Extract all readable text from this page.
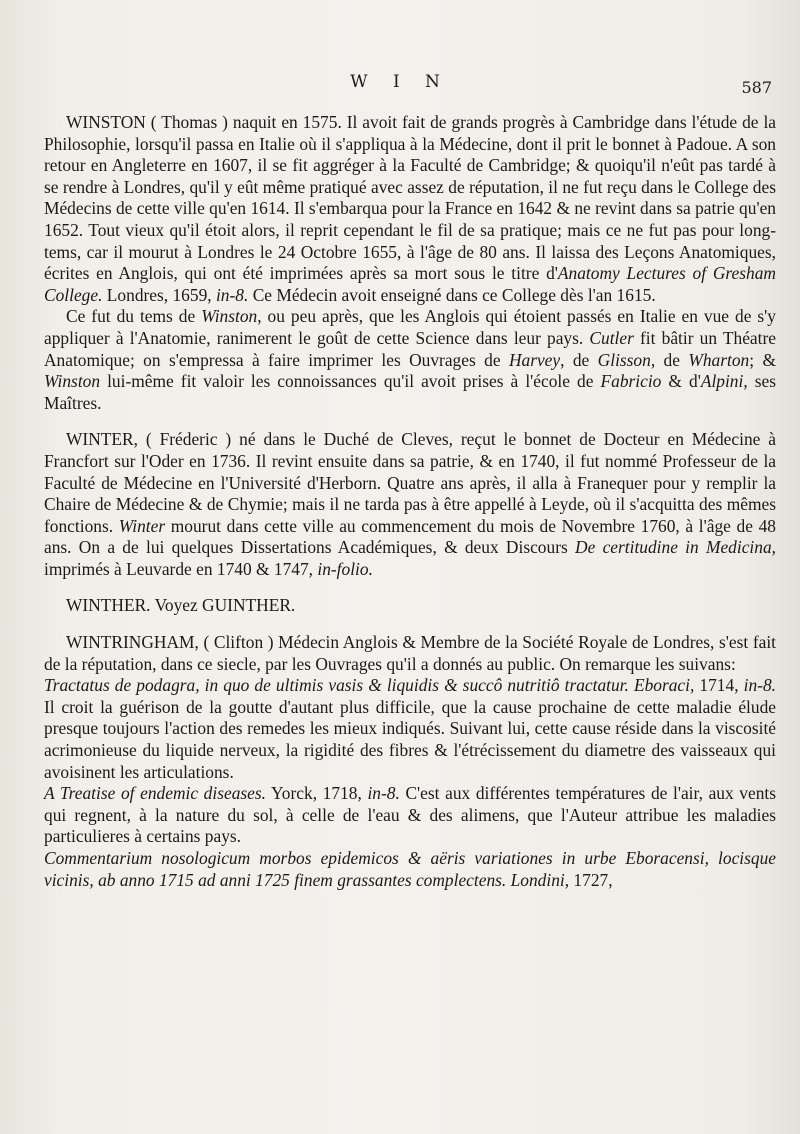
W I N	587

WINSTON ( Thomas ) naquit en 1575. Il avoit fait de grands progrès à Cambridge dans l'étude de la Philosophie, lorsqu'il passa en Italie où il s'appliqua à la Médecine, dont il prit le bonnet à Padoue. A son retour en Angleterre en 1607, il se fit aggréger à la Faculté de Cambridge; & quoiqu'il n'eût pas tardé à se rendre à Londres, qu'il y eût même pratiqué avec assez de réputation, il ne fut reçu dans le College des Médecins de cette ville qu'en 1614. Il s'embarqua pour la France en 1642 & ne revint dans sa patrie qu'en 1652. Tout vieux qu'il étoit alors, il reprit cependant le fil de sa pratique; mais ce ne fut pas pour long-tems, car il mourut à Londres le 24 Octobre 1655, à l'âge de 80 ans. Il laissa des Leçons Anatomiques, écrites en Anglois, qui ont été imprimées après sa mort sous le titre d'Anatomy Lectures of Gresham College. Londres, 1659, in-8. Ce Médecin avoit enseigné dans ce College dès l'an 1615.

Ce fut du tems de Winston, ou peu après, que les Anglois qui étoient passés en Italie en vue de s'y appliquer à l'Anatomie, ranimerent le goût de cette Science dans leur pays. Cutler fit bâtir un Théatre Anatomique; on s'empressa à faire imprimer les Ouvrages de Harvey, de Glisson, de Wharton; & Winston lui-même fit valoir les connoissances qu'il avoit prises à l'école de Fabricio & d'Alpini, ses Maîtres.

WINTER, ( Fréderic ) né dans le Duché de Cleves, reçut le bonnet de Docteur en Médecine à Francfort sur l'Oder en 1736. Il revint ensuite dans sa patrie, & en 1740, il fut nommé Professeur de la Faculté de Médecine en l'Université d'Herborn. Quatre ans après, il alla à Franequer pour y remplir la Chaire de Médecine & de Chymie; mais il ne tarda pas à être appellé à Leyde, où il s'acquitta des mêmes fonctions. Winter mourut dans cette ville au commencement du mois de Novembre 1760, à l'âge de 48 ans. On a de lui quelques Dissertations Académiques, & deux Discours De certitudine in Medicina, imprimés à Leuvarde en 1740 & 1747, in-folio.

WINTHER. Voyez GUINTHER.

WINTRINGHAM, ( Clifton ) Médecin Anglois & Membre de la Société Royale de Londres, s'est fait de la réputation, dans ce siecle, par les Ouvrages qu'il a donnés au public. On remarque les suivans:

Tractatus de podagra, in quo de ultimis vasis & liquidis & succô nutritiô tractatur. Eboraci, 1714, in-8. Il croit la guérison de la goutte d'autant plus difficile, que la cause prochaine de cette maladie élude presque toujours l'action des remedes les mieux indiqués. Suivant lui, cette cause réside dans la viscosité acrimonieuse du liquide nerveux, la rigidité des fibres & l'étrécissement du diametre des vaisseaux qui avoisinent les articulations.

A Treatise of endemic diseases. Yorck, 1718, in-8. C'est aux différentes températures de l'air, aux vents qui regnent, à la nature du sol, à celle de l'eau & des alimens, que l'Auteur attribue les maladies particulieres à certains pays.

Commentarium nosologicum morbos epidemicos & aëris variationes in urbe Eboracensi, locisque vicinis, ab anno 1715 ad anni 1725 finem grassantes complectens. Londini, 1727,
